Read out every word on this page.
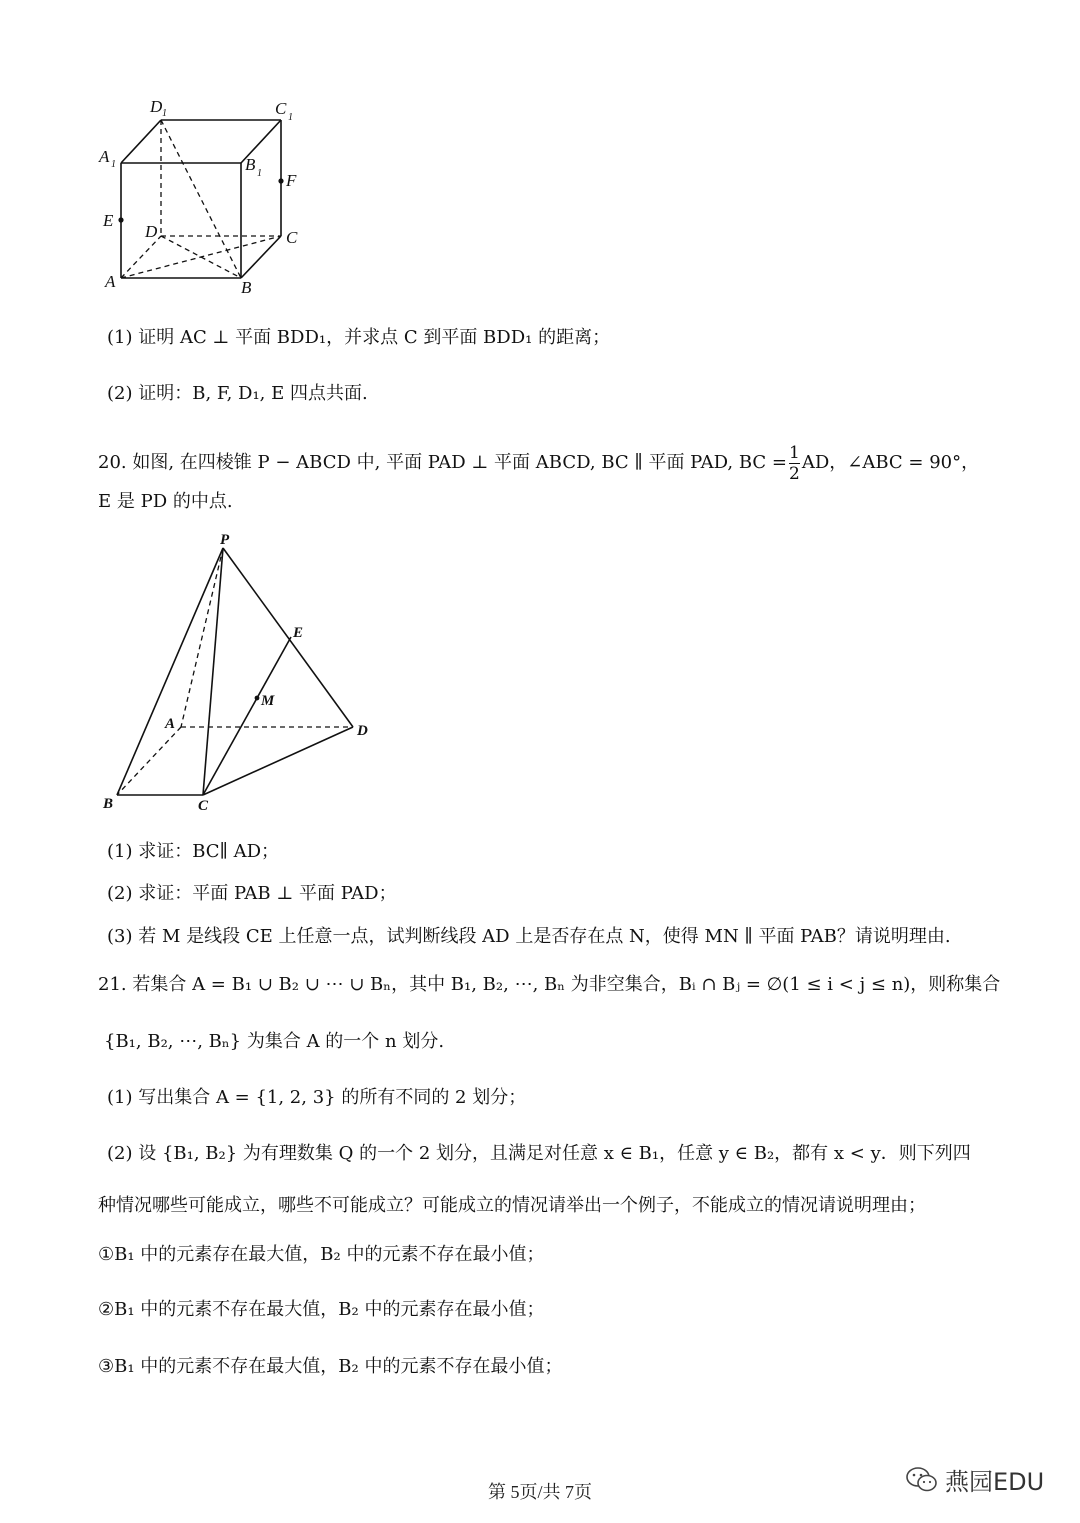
D 1	C 1
A 1	B 1 F
E
D	C
A	B
(1) 证明 AC ⊥ 平面 BDD₁，并求点 C 到平面 BDD₁ 的距离；
(2) 证明：B, F, D₁, E 四点共面.
20. 如图, 在四棱锥 P − ABCD 中, 平面 PAD ⊥ 平面 ABCD, BC ∥ 平面 PAD, BC = $\frac{1}{2}$ AD，∠ABC = 90°，
E 是 PD 的中点.
P
E
M
A	D
B	C
(1) 求证：BC∥ AD；
(2) 求证：平面 PAB ⊥ 平面 PAD；
(3) 若 M 是线段 CE 上任意一点，试判断线段 AD 上是否存在点 N，使得 MN ∥ 平面 PAB？请说明理由.
21. 若集合 A = B₁ ∪ B₂ ∪ ⋯ ∪ Bₙ，其中 B₁, B₂, ⋯, Bₙ 为非空集合，Bᵢ ∩ Bⱼ = ∅(1 ≤ i < j ≤ n)，则称集合
{B₁, B₂, ⋯, Bₙ} 为集合 A 的一个 n 划分.
(1) 写出集合 A = {1, 2, 3} 的所有不同的 2 划分；
(2) 设 {B₁, B₂} 为有理数集 Q 的一个 2 划分，且满足对任意 x ∈ B₁，任意 y ∈ B₂，都有 x < y．则下列四
种情况哪些可能成立，哪些不可能成立？可能成立的情况请举出一个例子，不能成立的情况请说明理由；
①B₁ 中的元素存在最大值，B₂ 中的元素不存在最小值；
②B₁ 中的元素不存在最大值，B₂ 中的元素存在最小值；
③B₁ 中的元素不存在最大值，B₂ 中的元素不存在最小值；
第 5页/共 7页	燕园EDU
